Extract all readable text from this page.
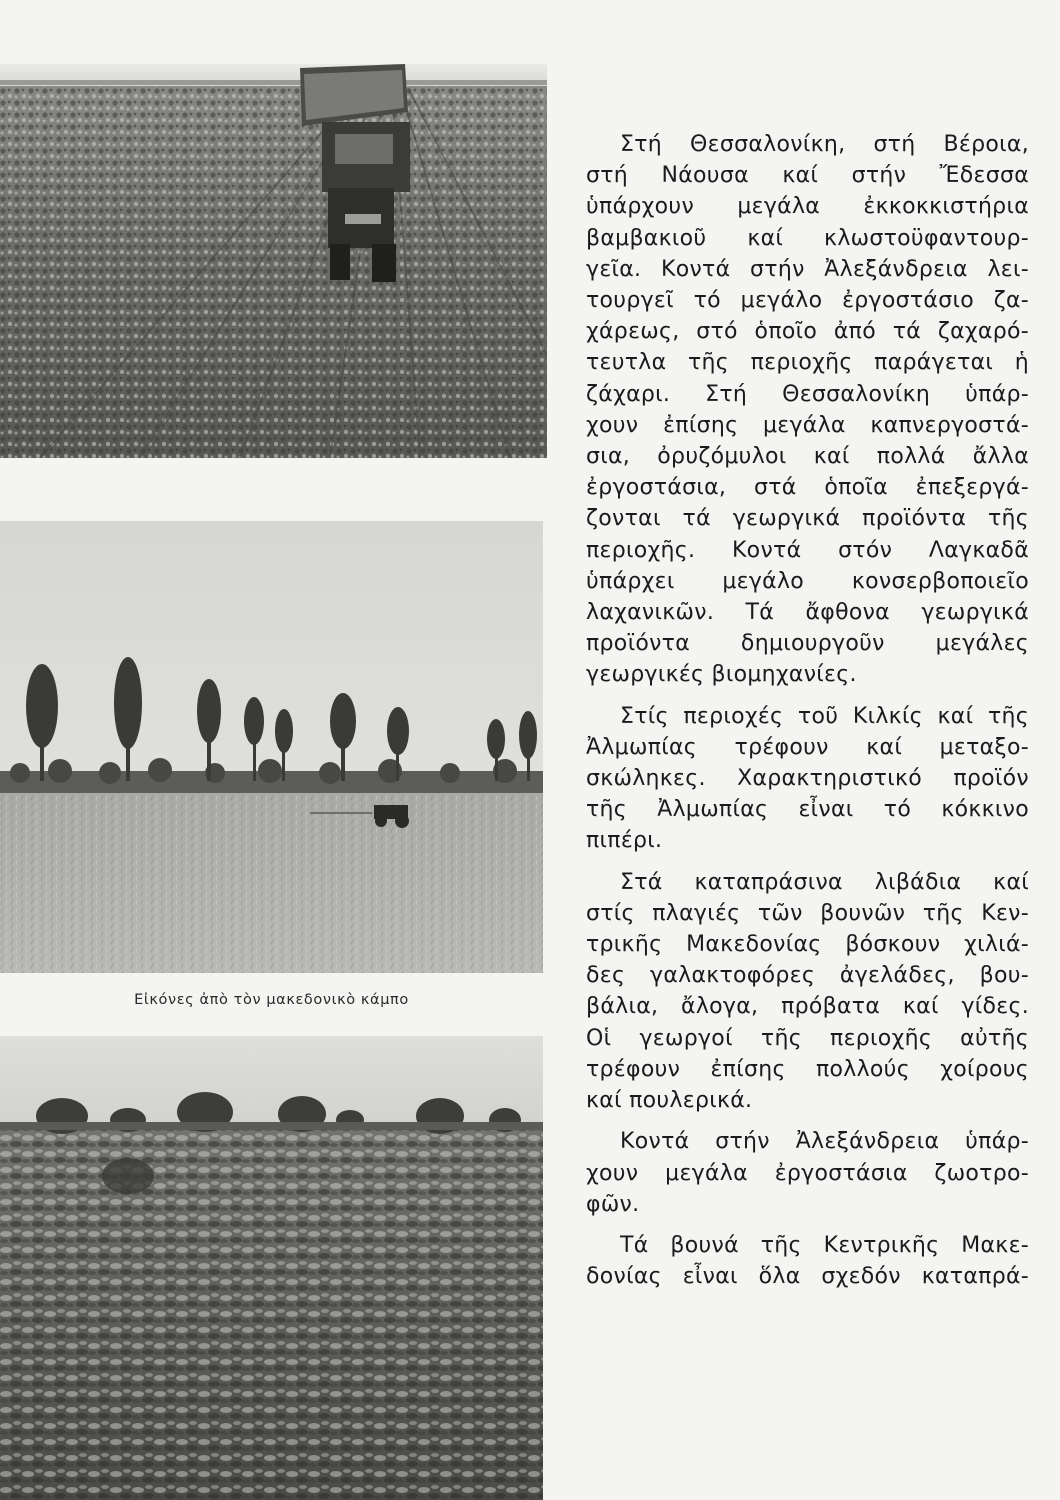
Εἰκόνες ἀπὸ τὸν μακεδονικὸ κάμπο

Στή Θεσσαλονίκη, στή Βέροια,
στή Νάουσα καί στήν Ἔδεσσα
ὑπάρχουν μεγάλα ἐκκοκκιστήρια
βαμβακιοῦ καί κλωστοϋφαντουρ-
γεῖα. Κοντά στήν Ἀλεξάνδρεια λει-
τουργεῖ τό μεγάλο ἐργοστάσιο ζα-
χάρεως, στό ὁποῖο ἀπό τά ζαχαρό-
τευτλα τῆς περιοχῆς παράγεται ἡ
ζάχαρι. Στή Θεσσαλονίκη ὑπάρ-
χουν ἐπίσης μεγάλα καπνεργοστά-
σια, ὀρυζόμυλοι καί πολλά ἄλλα
ἐργοστάσια, στά ὁποῖα ἐπεξεργά-
ζονται τά γεωργικά προϊόντα τῆς
περιοχῆς. Κοντά στόν Λαγκαδᾶ
ὑπάρχει μεγάλο κονσερβοποιεῖο
λαχανικῶν. Τά ἄφθονα γεωργικά
προϊόντα δημιουργοῦν μεγάλες
γεωργικές βιομηχανίες.

Στίς περιοχές τοῦ Κιλκίς καί τῆς
Ἀλμωπίας τρέφουν καί μεταξο-
σκώληκες. Χαρακτηριστικό προϊόν
τῆς Ἀλμωπίας εἶναι τό κόκκινο
πιπέρι.

Στά καταπράσινα λιβάδια καί
στίς πλαγιές τῶν βουνῶν τῆς Κεν-
τρικῆς Μακεδονίας βόσκουν χιλιά-
δες γαλακτοφόρες ἀγελάδες, βου-
βάλια, ἄλογα, πρόβατα καί γίδες.
Οἱ γεωργοί τῆς περιοχῆς αὐτῆς
τρέφουν ἐπίσης πολλούς χοίρους
καί πουλερικά.

Κοντά στήν Ἀλεξάνδρεια ὑπάρ-
χουν μεγάλα ἐργοστάσια ζωοτρο-
φῶν.

Τά βουνά τῆς Κεντρικῆς Μακε-
δονίας εἶναι ὅλα σχεδόν καταπρά-
